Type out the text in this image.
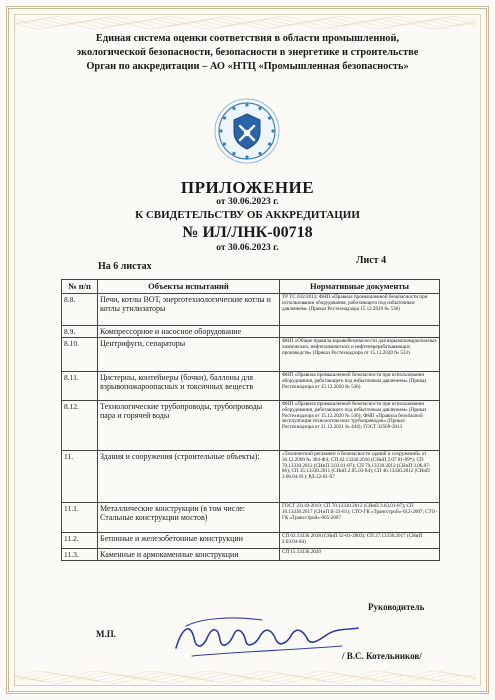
Единая система оценки соответствия в области промышленной,
экологической безопасности, безопасности в энергетике и строительстве
Орган по аккредитации – АО «НТЦ «Промышленная безопасность»
ПРИЛОЖЕНИЕ
от 30.06.2023 г.
К СВИДЕТЕЛЬСТВУ ОБ АККРЕДИТАЦИИ
№ ИЛ/ЛНК-00718
от 30.06.2023 г.
На 6 листах
Лист 4
№ п/п	Объекты испытаний	Нормативные документы
8.8.	Печи, котлы ВОТ, энерготехнологические котлы и котлы утилизаторы	ТР ТС 032/2013; ФНП «Правила промышленной безопасности при использовании оборудования, работающего под избыточным давлением» (Приказ Ростехнадзора 15.12.2020 № 536)
8.9.	Компрессорное и насосное оборудование	
8.10.	Центрифуги, сепараторы	ФНП «Общие правила взрывобезопасности для взрывопожароопасных химических, нефтехимических и нефтеперерабатывающих производств» (Приказ Ростехнадзора от 15.12.2020 № 533)
8.11.	Цистерны, контейнеры (бочки), баллоны для взрывопожароопасных и токсичных веществ	ФНП «Правила промышленной безопасности при использовании оборудования, работающего под избыточным давлением» (Приказ Ростехнадзора от 15.12.2020 № 536)
8.12.	Технологические трубопроводы, трубопроводы пара и горячей воды	ФНП «Правила промышленной безопасности при использовании оборудования, работающего под избыточным давлением» (Приказ Ростехнадзора от 15.12.2020 № 536); ФНП «Правила безопасной эксплуатации технологических трубопроводов» (Приказ Ростехнадзора от 21.12.2021 № 444); ГОСТ 32569-2013
11.	Здания и сооружения (строительные объекты):	«Технический регламент о безопасности зданий и сооружений» от 30.12.2009 № 384-ФЗ; СП 42.13330.2016 (СНиП 2.07.01-89*); СП 70.13330.2012 (СНиП 3.03.01-87); СП 79.13330.2012 (СНиП 3.06.07-86); СП 35.13330.2011 (СНиП 2.05.03-84); СП 46.13330.2012 (СНиП 3.06.04-91); РД-22-01-97
11.1.	Металлические конструкции (в том числе: Стальные конструкции мостов)	ГОСТ 23118-2019; СП 70.13330.2012 (СНиП 3.03.01-87); СП 16.13330.2017 (СНиП II-23-81); СТО-ГК «Трансстрой»-012-2007; СТО-ГК «Трансстрой»-005-2007
11.2.	Бетонные и железобетонные конструкции	СП 63.13330.2018 (СНиП 52-01-2003); СП 27.13330.2017 (СНиП 2.03.04-84)
11.3.	Каменные и армокаменные конструкции	СП 15.13330.2020
Руководитель
М.П.
/ В.С. Котельников/
